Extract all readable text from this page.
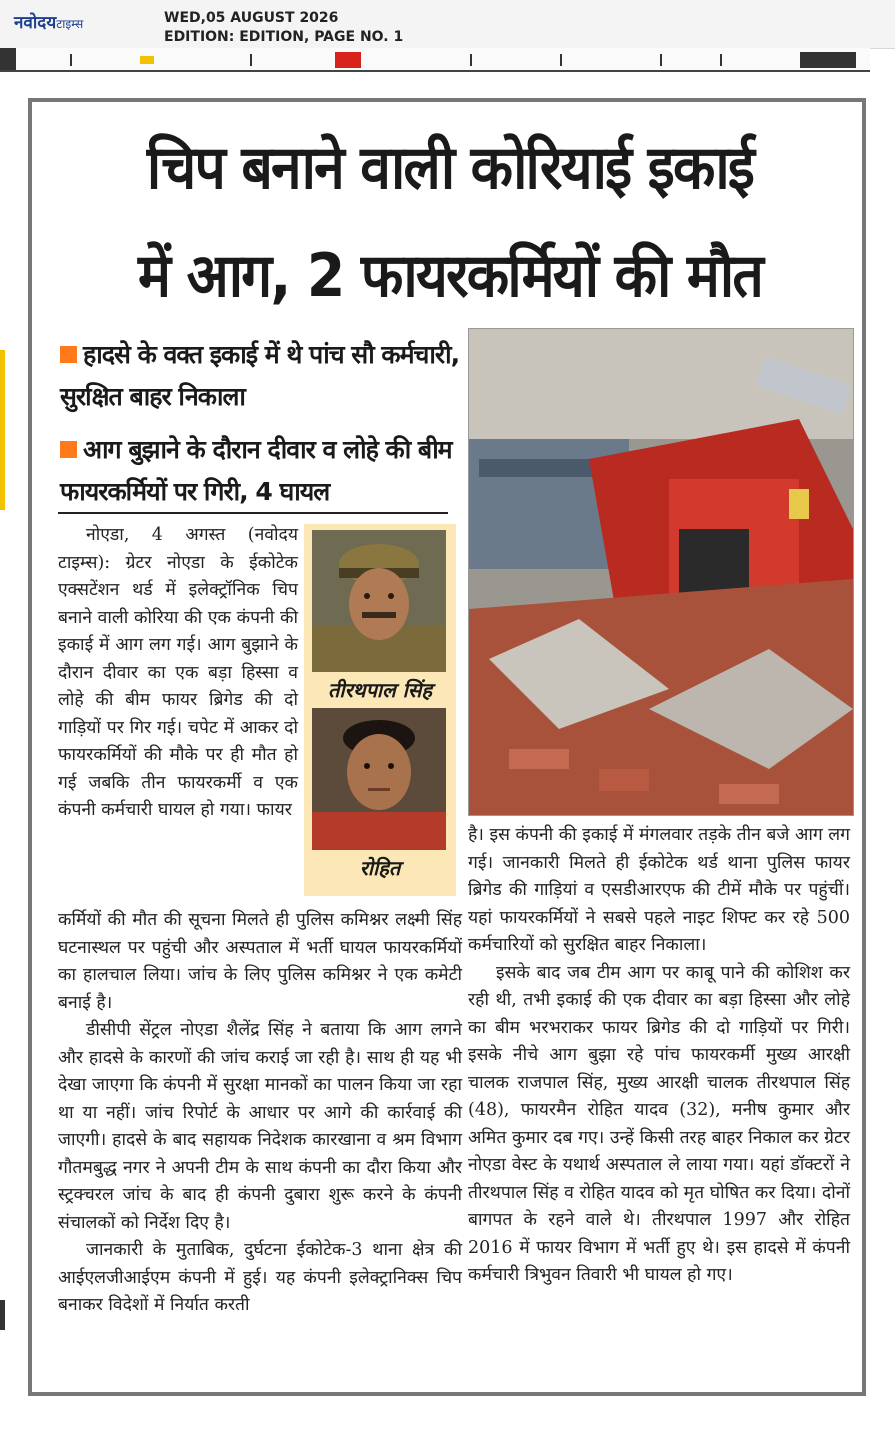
नवोदयटाइम्स	WED,05 AUGUST 2026
EDITION: EDITION, PAGE NO. 1
चिप बनाने वाली कोरियाई इकाई
में आग, 2 फायरकर्मियों की मौत
हादसे के वक्त इकाई में थे पांच सौ कर्मचारी, सुरक्षित बाहर निकाला
आग बुझाने के दौरान दीवार व लोहे की बीम फायरकर्मियों पर गिरी, 4 घायल

नोएडा, 4 अगस्त (नवोदय टाइम्स): ग्रेटर नोएडा के ईकोटेक एक्सटेंशन थर्ड में इलेक्ट्रॉनिक चिप बनाने वाली कोरिया की एक कंपनी की इकाई में आग लग गई। आग बुझाने के दौरान दीवार का एक बड़ा हिस्सा व लोहे की बीम फायर ब्रिगेड की दो गाड़ियों पर गिर गई। चपेट में आकर दो फायरकर्मियों की मौके पर ही मौत हो गई जबकि तीन फायरकर्मी व एक कंपनी कर्मचारी घायल हो गया। फायर

तीरथपाल सिंह
रोहित

कर्मियों की मौत की सूचना मिलते ही पुलिस कमिश्नर लक्ष्मी सिंह घटनास्थल पर पहुंची और अस्पताल में भर्ती घायल फायरकर्मियों का हालचाल लिया। जांच के लिए पुलिस कमिश्नर ने एक कमेटी बनाई है।

डीसीपी सेंट्रल नोएडा शैलेंद्र सिंह ने बताया कि आग लगने और हादसे के कारणों की जांच कराई जा रही है। साथ ही यह भी देखा जाएगा कि कंपनी में सुरक्षा मानकों का पालन किया जा रहा था या नहीं। जांच रिपोर्ट के आधार पर आगे की कार्रवाई की जाएगी। हादसे के बाद सहायक निदेशक कारखाना व श्रम विभाग गौतमबुद्ध नगर ने अपनी टीम के साथ कंपनी का दौरा किया और स्ट्रक्चरल जांच के बाद ही कंपनी दुबारा शुरू करने के कंपनी संचालकों को निर्देश दिए है।

जानकारी के मुताबिक, दुर्घटना ईकोटेक-3 थाना क्षेत्र की आईएलजीआईएम कंपनी में हुई। यह कंपनी इलेक्ट्रानिक्स चिप बनाकर विदेशों में निर्यात करती

है। इस कंपनी की इकाई में मंगलवार तड़के तीन बजे आग लग गई। जानकारी मिलते ही ईकोटेक थर्ड थाना पुलिस फायर ब्रिगेड की गाड़ियां व एसडीआरएफ की टीमें मौके पर पहुंचीं। यहां फायरकर्मियों ने सबसे पहले नाइट शिफ्ट कर रहे 500 कर्मचारियों को सुरक्षित बाहर निकाला।

इसके बाद जब टीम आग पर काबू पाने की कोशिश कर रही थी, तभी इकाई की एक दीवार का बड़ा हिस्सा और लोहे का बीम भरभराकर फायर ब्रिगेड की दो गाड़ियों पर गिरी। इसके नीचे आग बुझा रहे पांच फायरकर्मी मुख्य आरक्षी चालक राजपाल सिंह, मुख्य आरक्षी चालक तीरथपाल सिंह (48), फायरमैन रोहित यादव (32), मनीष कुमार और अमित कुमार दब गए। उन्हें किसी तरह बाहर निकाल कर ग्रेटर नोएडा वेस्ट के यथार्थ अस्पताल ले लाया गया। यहां डॉक्टरों ने तीरथपाल सिंह व रोहित यादव को मृत घोषित कर दिया। दोनों बागपत के रहने वाले थे। तीरथपाल 1997 और रोहित 2016 में फायर विभाग में भर्ती हुए थे। इस हादसे में कंपनी कर्मचारी त्रिभुवन तिवारी भी घायल हो गए।
